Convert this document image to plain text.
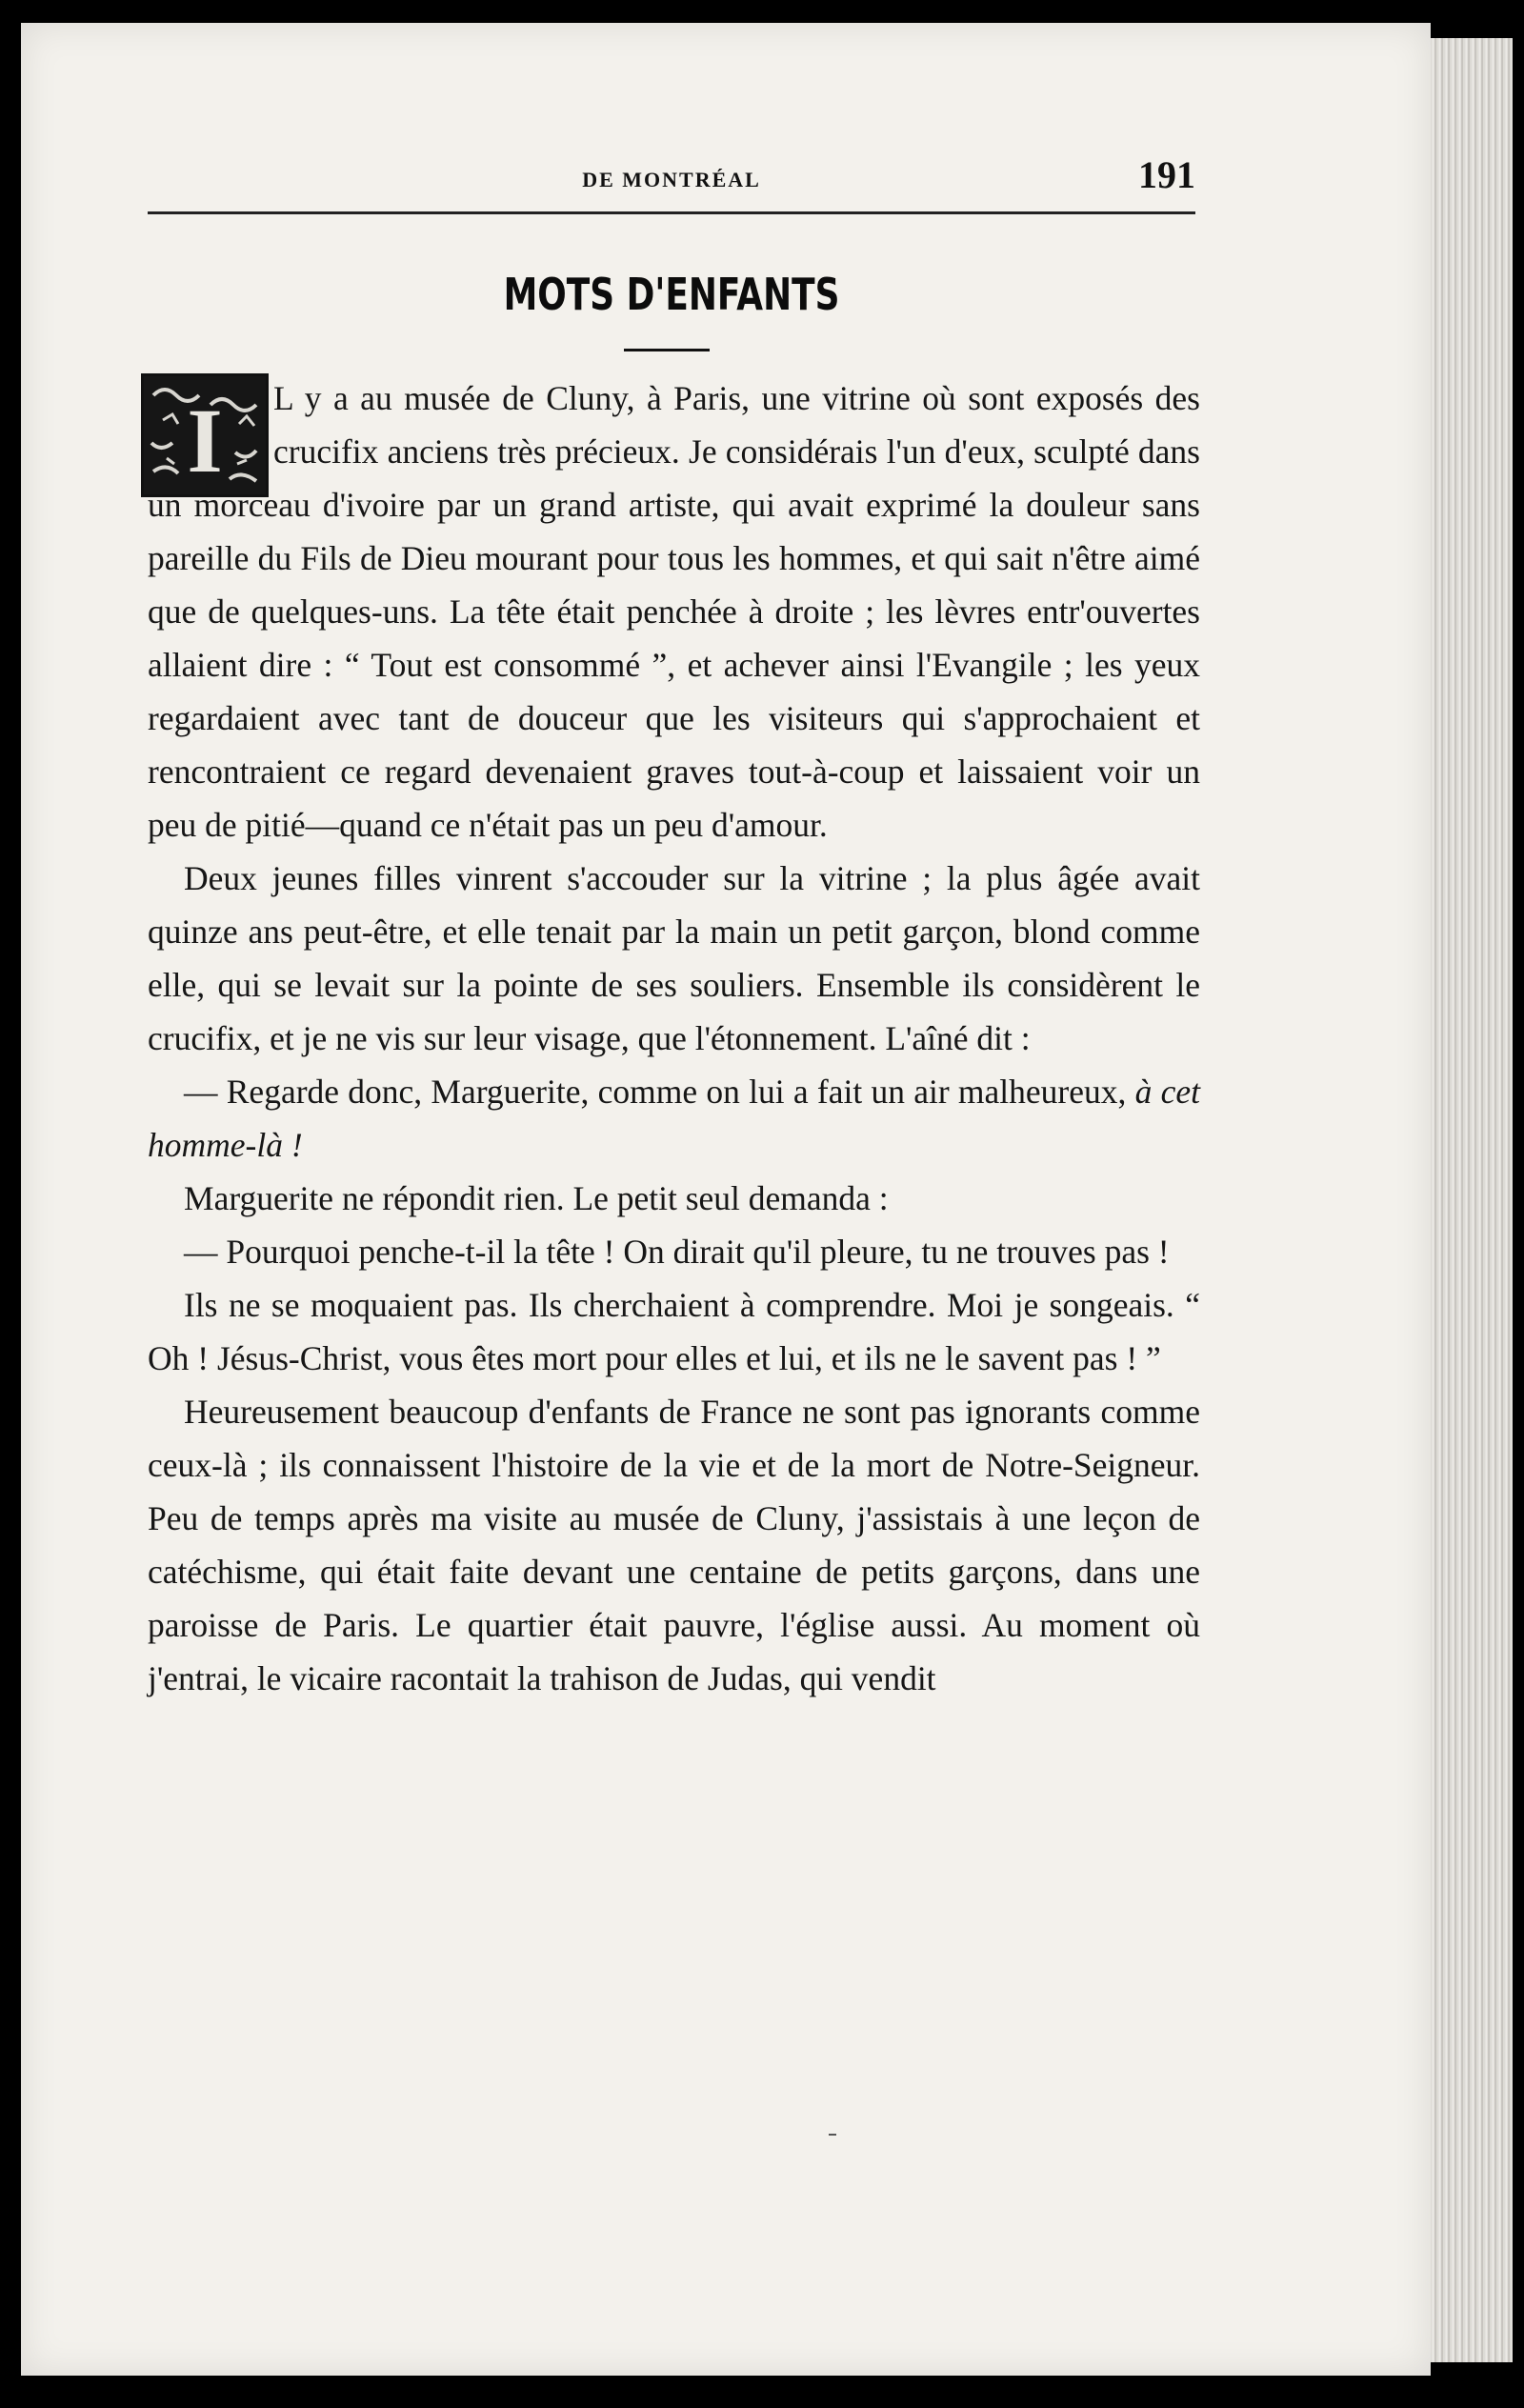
DE MONTRÉAL	191
MOTS D'ENFANTS
I	L y a au musée de Cluny, à Paris, une vitrine où sont exposés des crucifix anciens très précieux. Je considérais l'un d'eux, sculpté dans un morceau d'ivoire par un grand artiste, qui avait exprimé la douleur sans pareille du Fils de Dieu mourant pour tous les hommes, et qui sait n'être aimé que de quelques-uns. La tête était penchée à droite ; les lèvres entr'ouvertes allaient dire : “ Tout est consommé ”, et achever ainsi l'Evangile ; les yeux regardaient avec tant de douceur que les visiteurs qui s'approchaient et rencontraient ce regard devenaient graves tout-à-coup et laissaient voir un peu de pitié—quand ce n'était pas un peu d'amour.

Deux jeunes filles vinrent s'accouder sur la vitrine ; la plus âgée avait quinze ans peut-être, et elle tenait par la main un petit garçon, blond comme elle, qui se levait sur la pointe de ses souliers. Ensemble ils considèrent le crucifix, et je ne vis sur leur visage, que l'étonnement. L'aîné dit :

— Regarde donc, Marguerite, comme on lui a fait un air malheureux, à cet homme-là !

Marguerite ne répondit rien. Le petit seul demanda :

— Pourquoi penche-t-il la tête ! On dirait qu'il pleure, tu ne trouves pas !

Ils ne se moquaient pas. Ils cherchaient à comprendre. Moi je songeais. “ Oh ! Jésus-Christ, vous êtes mort pour elles et lui, et ils ne le savent pas ! ”

Heureusement beaucoup d'enfants de France ne sont pas ignorants comme ceux-là ; ils connaissent l'histoire de la vie et de la mort de Notre-Seigneur. Peu de temps après ma visite au musée de Cluny, j'assistais à une leçon de catéchisme, qui était faite devant une centaine de petits garçons, dans une paroisse de Paris. Le quartier était pauvre, l'église aussi. Au moment où j'entrai, le vicaire racontait la trahison de Judas, qui vendit
